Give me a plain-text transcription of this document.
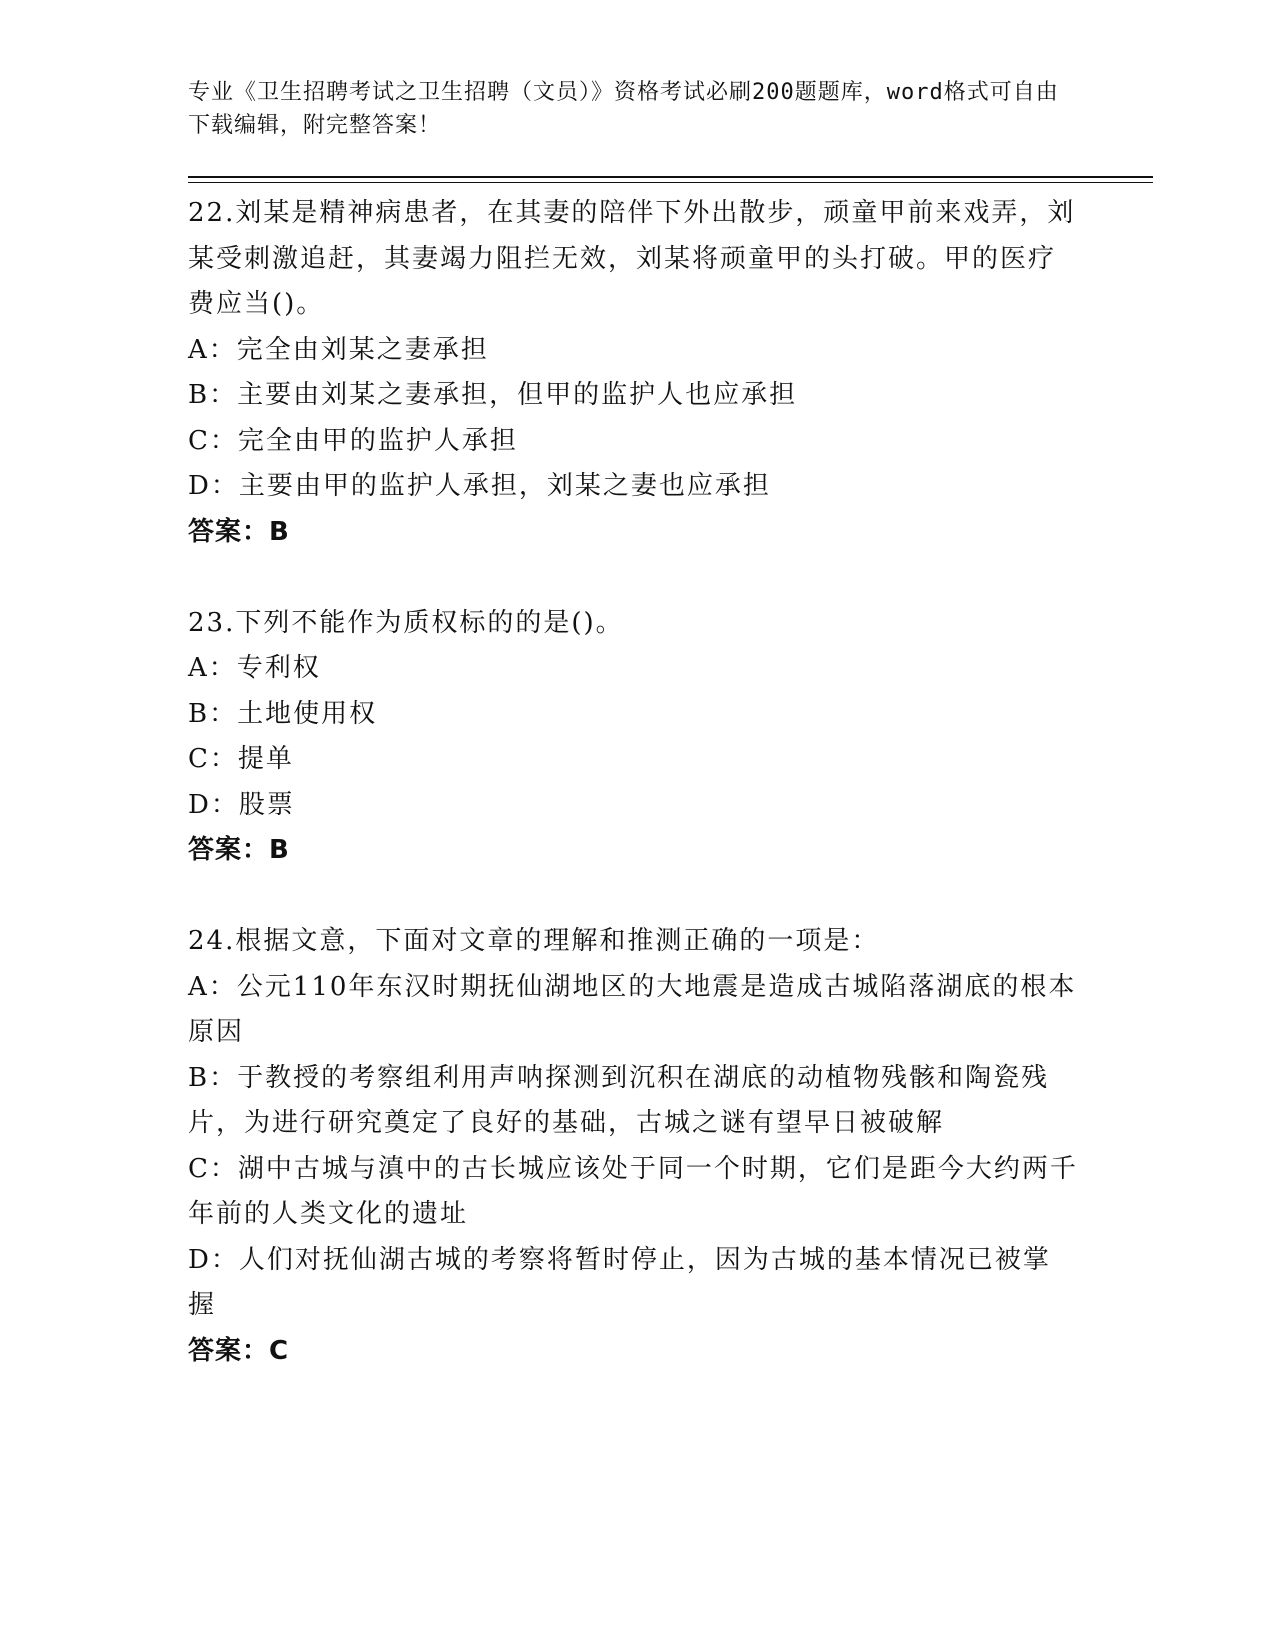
专业《卫生招聘考试之卫生招聘（文员）》资格考试必刷200题题库，word格式可自由下载编辑，附完整答案！

22.刘某是精神病患者，在其妻的陪伴下外出散步，顽童甲前来戏弄，刘某受刺激追赶，其妻竭力阻拦无效，刘某将顽童甲的头打破。甲的医疗费应当()。

A：完全由刘某之妻承担

B：主要由刘某之妻承担，但甲的监护人也应承担

C：完全由甲的监护人承担

D：主要由甲的监护人承担，刘某之妻也应承担

答案：B

23.下列不能作为质权标的的是()。

A：专利权

B：土地使用权

C：提单

D：股票

答案：B

24.根据文意，下面对文章的理解和推测正确的一项是：

A：公元110年东汉时期抚仙湖地区的大地震是造成古城陷落湖底的根本原因

B：于教授的考察组利用声呐探测到沉积在湖底的动植物残骸和陶瓷残片，为进行研究奠定了良好的基础，古城之谜有望早日被破解

C：湖中古城与滇中的古长城应该处于同一个时期，它们是距今大约两千年前的人类文化的遗址

D：人们对抚仙湖古城的考察将暂时停止，因为古城的基本情况已被掌握

答案：C
